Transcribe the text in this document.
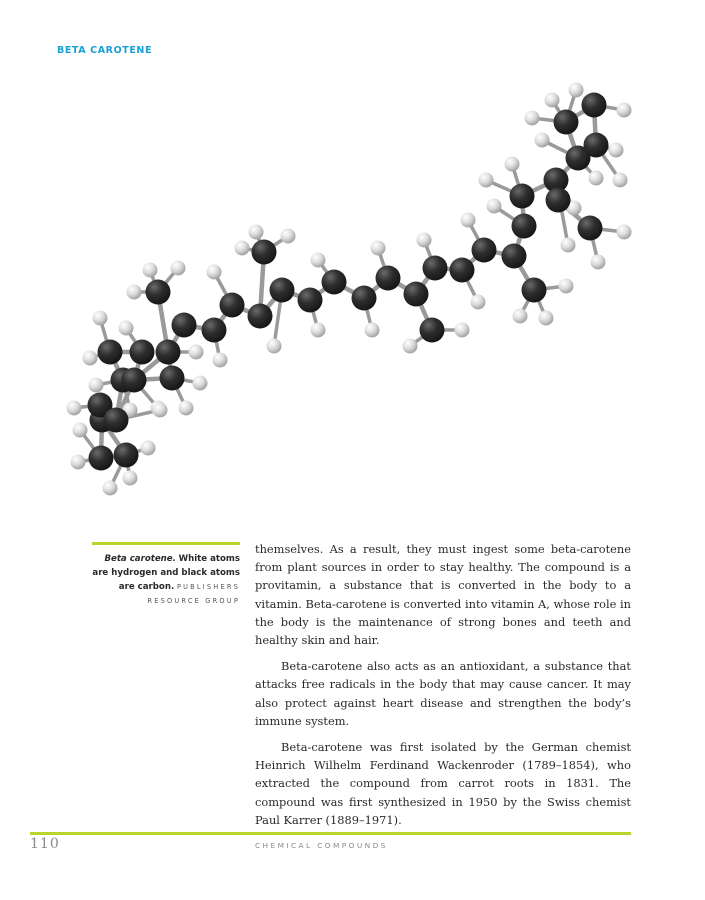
BETA CAROTENE
Beta carotene. White atoms are hydrogen and black atoms are carbon. PUBLISHERS RESOURCE GROUP

themselves. As a result, they must ingest some beta-carotene from plant sources in order to stay healthy. The compound is a provitamin, a substance that is converted in the body to a vitamin. Beta-carotene is converted into vitamin A, whose role in the body is the maintenance of strong bones and teeth and healthy skin and hair.

Beta-carotene also acts as an antioxidant, a substance that attacks free radicals in the body that may cause cancer. It may also protect against heart disease and strengthen the body’s immune system.

Beta-carotene was first isolated by the German chemist Heinrich Wilhelm Ferdinand Wackenroder (1789–1854), who extracted the compound from carrot roots in 1831. The compound was first synthesized in 1950 by the Swiss chemist Paul Karrer (1889–1971).

110	CHEMICAL COMPOUNDS
